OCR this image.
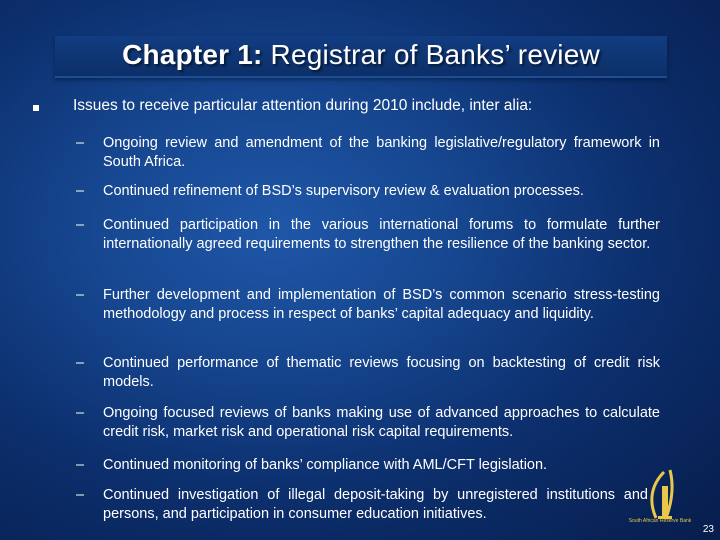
Chapter 1: Registrar of Banks’ review
Issues to receive particular attention during 2010 include, inter alia:
–	Ongoing review and amendment of the banking legislative/regulatory framework in South Africa.
–	Continued refinement of BSD’s supervisory review & evaluation processes.
–	Continued participation in the various international forums to formulate further internationally agreed requirements to strengthen the resilience of the banking sector.
–	Further development and implementation of BSD’s common scenario stress-testing methodology and process in respect of banks’ capital adequacy and liquidity.
–	Continued performance of thematic reviews focusing on backtesting of credit risk models.
–	Ongoing focused reviews of banks making use of advanced approaches to calculate credit risk, market risk and operational risk capital requirements.
–	Continued monitoring of banks’ compliance with AML/CFT legislation.
–	Continued investigation of illegal deposit-taking by unregistered institutions and persons, and participation in consumer education initiatives.	South African Reserve Bank
23
